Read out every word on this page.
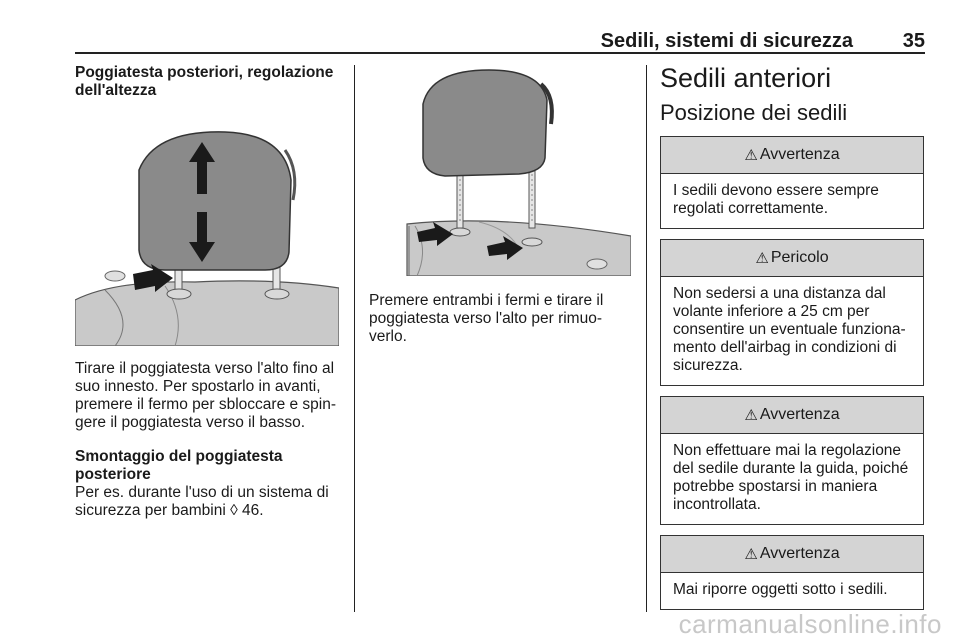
Sedili, sistemi di sicurezza 35

Poggiatesta posteriori, regolazione dell'altezza

Tirare il poggiatesta verso l'alto fino al suo innesto. Per spostarlo in avanti, premere il fermo per sbloccare e spin- gere il poggiatesta verso il basso.

Smontaggio del poggiatesta posteriore

Per es. durante l'uso di un sistema di sicurezza per bambini ◊ 46.

Premere entrambi i fermi e tirare il poggiatesta verso l'alto per rimuo- verlo.

Sedili anteriori
Posizione dei sedili
⚠ Avvertenza
I sedili devono essere sempre regolati correttamente.
⚠ Pericolo
Non sedersi a una distanza dal volante inferiore a 25 cm per consentire un eventuale funziona- mento dell'airbag in condizioni di sicurezza.
⚠ Avvertenza
Non effettuare mai la regolazione del sedile durante la guida, poiché potrebbe spostarsi in maniera incontrollata.
⚠ Avvertenza
Mai riporre oggetti sotto i sedili.
carmanualsonline.info
